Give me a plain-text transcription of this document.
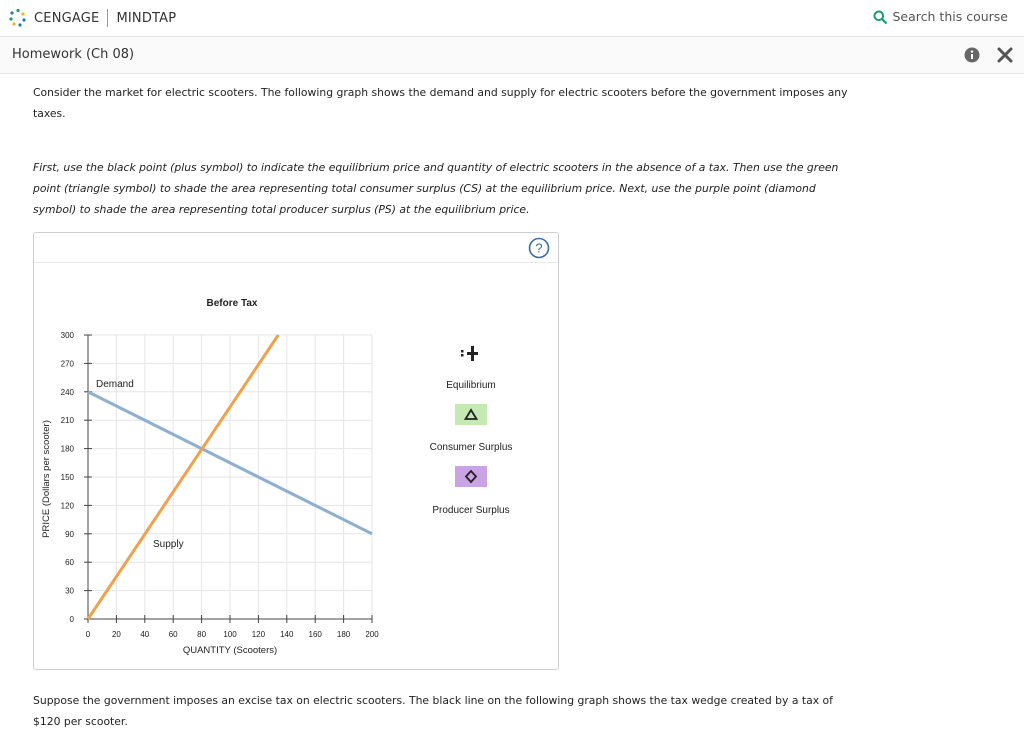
CENGAGE MINDTAP	Search this course
Homework (Ch 08)
Consider the market for electric scooters. The following graph shows the demand and supply for electric scooters before the government imposes any
taxes.
First, use the black point (plus symbol) to indicate the equilibrium price and quantity of electric scooters in the absence of a tax. Then use the green
point (triangle symbol) to shade the area representing total consumer surplus (CS) at the equilibrium price. Next, use the purple point (diamond
symbol) to shade the area representing total producer surplus (PS) at the equilibrium price.
?
Before Tax
0	20 40 60 80 100 120 140 160 180 200
0
30
60
90
120
150
180
210
240
270
300
QUANTITY (Scooters)
PRICE (Dollars per scooter)
Demand
Supply
Equilibrium
Consumer Surplus
Producer Surplus
Suppose the government imposes an excise tax on electric scooters. The black line on the following graph shows the tax wedge created by a tax of
$120 per scooter.
